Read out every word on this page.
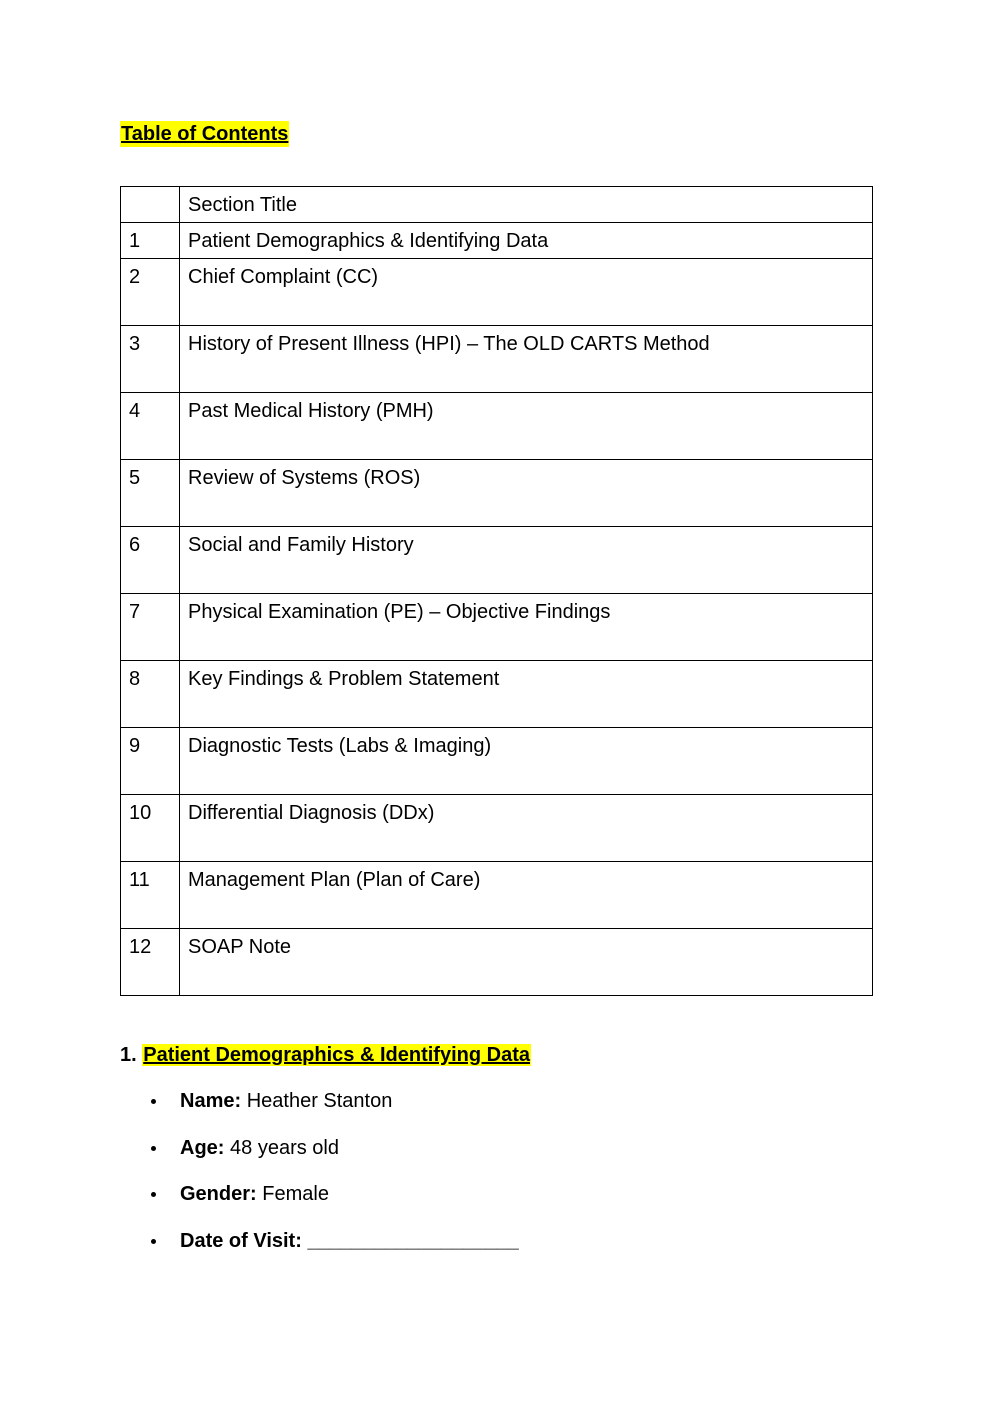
Table of Contents
	Section Title
1	Patient Demographics & Identifying Data
2	Chief Complaint (CC)
3	History of Present Illness (HPI) – The OLD CARTS Method
4	Past Medical History (PMH)
5	Review of Systems (ROS)
6	Social and Family History
7	Physical Examination (PE) – Objective Findings
8	Key Findings & Problem Statement
9	Diagnostic Tests (Labs & Imaging)
10	Differential Diagnosis (DDx)
11	Management Plan (Plan of Care)
12	SOAP Note
1. Patient Demographics & Identifying Data
Name: Heather Stanton
Age: 48 years old
Gender: Female
Date of Visit: ___________________
